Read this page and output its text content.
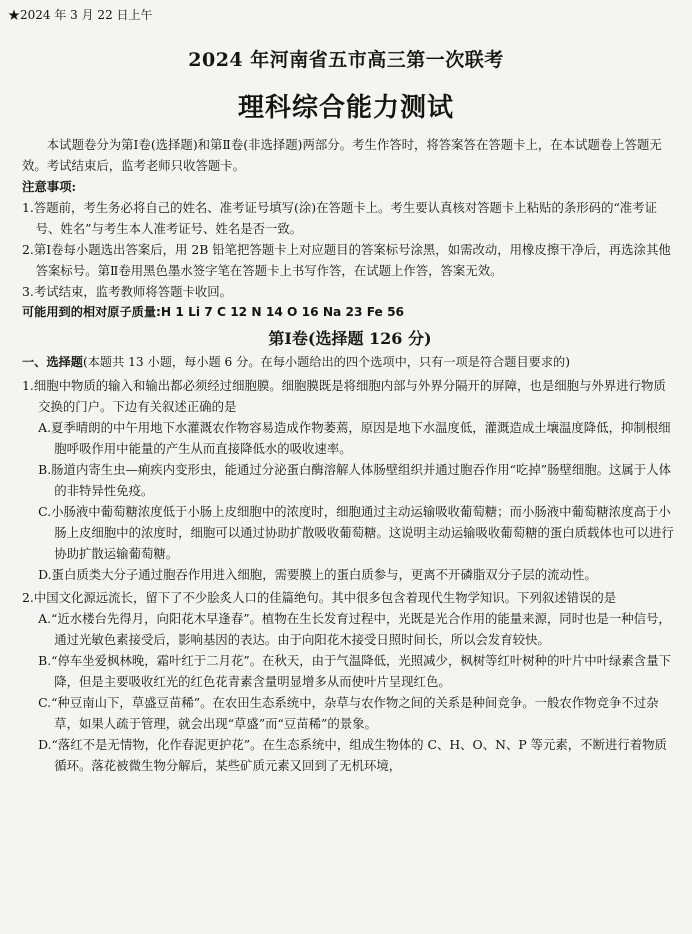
★2024 年 3 月 22 日上午
2024 年河南省五市高三第一次联考
理科综合能力测试
本试题卷分为第Ⅰ卷(选择题)和第Ⅱ卷(非选择题)两部分。考生作答时，将答案答在答题卡上，在本试题卷上答题无效。考试结束后，监考老师只收答题卡。
注意事项:
1.答题前，考生务必将自己的姓名、准考证号填写(涂)在答题卡上。考生要认真核对答题卡上粘贴的条形码的“准考证号、姓名”与考生本人准考证号、姓名是否一致。
2.第Ⅰ卷每小题选出答案后，用 2B 铅笔把答题卡上对应题目的答案标号涂黑，如需改动，用橡皮擦干净后，再选涂其他答案标号。第Ⅱ卷用黑色墨水签字笔在答题卡上书写作答，在试题上作答，答案无效。
3.考试结束，监考教师将答题卡收回。
可能用到的相对原子质量:H 1 Li 7 C 12 N 14 O 16 Na 23 Fe 56
第Ⅰ卷(选择题 126 分)
一、选择题(本题共 13 小题，每小题 6 分。在每小题给出的四个选项中，只有一项是符合题目要求的)
1.细胞中物质的输入和输出都必须经过细胞膜。细胞膜既是将细胞内部与外界分隔开的屏障，也是细胞与外界进行物质交换的门户。下边有关叙述正确的是
A.夏季晴朗的中午用地下水灌溉农作物容易造成作物萎蔫，原因是地下水温度低，灌溉造成土壤温度降低，抑制根细胞呼吸作用中能量的产生从而直接降低水的吸收速率。
B.肠道内寄生虫—痢疾内变形虫，能通过分泌蛋白酶溶解人体肠壁组织并通过胞吞作用“吃掉”肠壁细胞。这属于人体的非特异性免疫。
C.小肠液中葡萄糖浓度低于小肠上皮细胞中的浓度时，细胞通过主动运输吸收葡萄糖；而小肠液中葡萄糖浓度高于小肠上皮细胞中的浓度时，细胞可以通过协助扩散吸收葡萄糖。这说明主动运输吸收葡萄糖的蛋白质载体也可以进行协助扩散运输葡萄糖。
D.蛋白质类大分子通过胞吞作用进入细胞，需要膜上的蛋白质参与，更离不开磷脂双分子层的流动性。
2.中国文化源远流长，留下了不少脍炙人口的佳篇绝句。其中很多包含着现代生物学知识。下列叙述错误的是
A.“近水楼台先得月，向阳花木早逢春”。植物在生长发育过程中，光既是光合作用的能量来源，同时也是一种信号，通过光敏色素接受后，影响基因的表达。由于向阳花木接受日照时间长，所以会发育较快。
B.“停车坐爱枫林晚，霜叶红于二月花”。在秋天，由于气温降低，光照减少，枫树等红叶树种的叶片中叶绿素含量下降，但是主要吸收红光的红色花青素含量明显增多从而使叶片呈现红色。
C.“种豆南山下，草盛豆苗稀”。在农田生态系统中，杂草与农作物之间的关系是种间竞争。一般农作物竞争不过杂草，如果人疏于管理，就会出现“草盛”而“豆苗稀”的景象。
D.“落红不是无情物，化作春泥更护花”。在生态系统中，组成生物体的 C、H、O、N、P 等元素，不断进行着物质循环。落花被微生物分解后，某些矿质元素又回到了无机环境，
